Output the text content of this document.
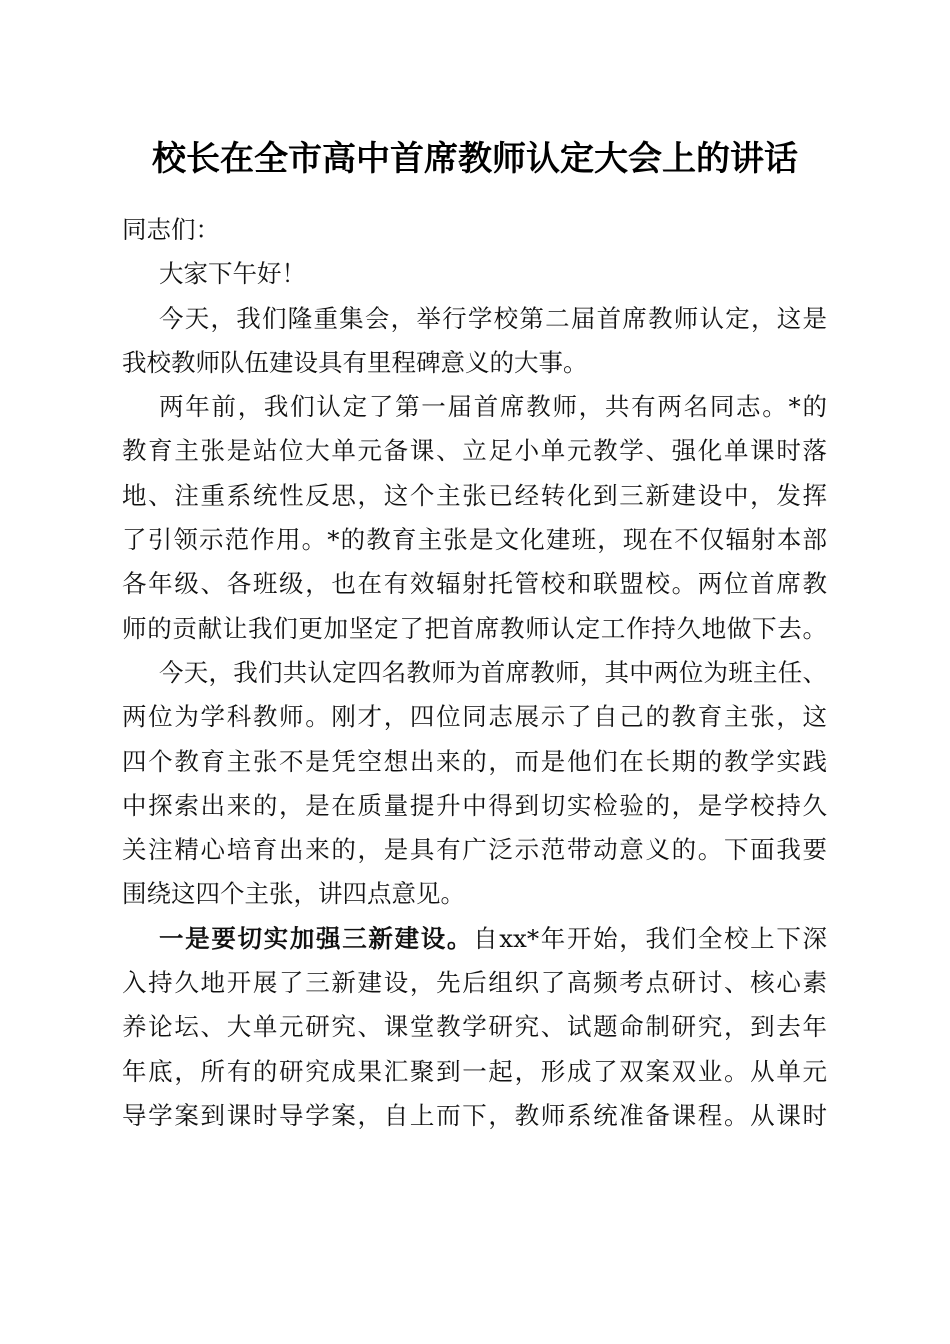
校长在全市高中首席教师认定大会上的讲话
同志们：
大家下午好！
今天，我们隆重集会，举行学校第二届首席教师认定，这是
我校教师队伍建设具有里程碑意义的大事。
两年前，我们认定了第一届首席教师，共有两名同志。*的
教育主张是站位大单元备课、立足小单元教学、强化单课时落
地、注重系统性反思，这个主张已经转化到三新建设中，发挥
了引领示范作用。*的教育主张是文化建班，现在不仅辐射本部
各年级、各班级，也在有效辐射托管校和联盟校。两位首席教
师的贡献让我们更加坚定了把首席教师认定工作持久地做下去。
今天，我们共认定四名教师为首席教师，其中两位为班主任、
两位为学科教师。刚才，四位同志展示了自己的教育主张，这
四个教育主张不是凭空想出来的，而是他们在长期的教学实践
中探索出来的，是在质量提升中得到切实检验的，是学校持久
关注精心培育出来的，是具有广泛示范带动意义的。下面我要
围绕这四个主张，讲四点意见。
一是要切实加强三新建设。自xx*年开始，我们全校上下深
入持久地开展了三新建设，先后组织了高频考点研讨、核心素
养论坛、大单元研究、课堂教学研究、试题命制研究，到去年
年底，所有的研究成果汇聚到一起，形成了双案双业。从单元
导学案到课时导学案，自上而下，教师系统准备课程。从课时
